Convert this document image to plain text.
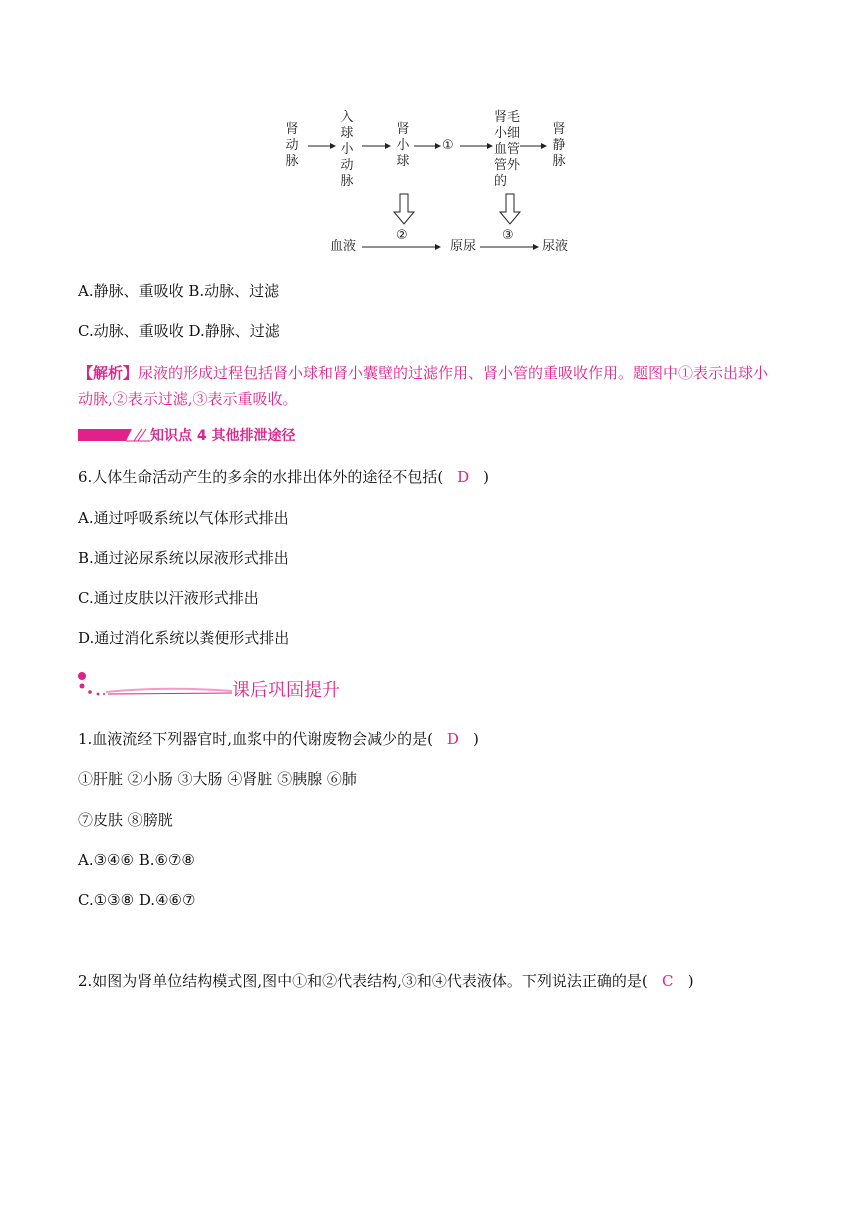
肾动脉
入球小动脉
肾小球
①
肾毛小细血管管外的
肾静脉
血液
②
原尿
③
尿液
A.静脉、重吸收 B.动脉、过滤
C.动脉、重吸收 D.静脉、过滤
【解析】尿液的形成过程包括肾小球和肾小囊壁的过滤作用、肾小管的重吸收作用。题图中①表示出球小动脉,②表示过滤,③表示重吸收。
知识点 4 其他排泄途径
6.人体生命活动产生的多余的水排出体外的途径不包括( D )
A.通过呼吸系统以气体形式排出
B.通过泌尿系统以尿液形式排出
C.通过皮肤以汗液形式排出
D.通过消化系统以粪便形式排出
课后巩固提升
1.血液流经下列器官时,血浆中的代谢废物会减少的是( D )
①肝脏 ②小肠 ③大肠 ④肾脏 ⑤胰腺 ⑥肺
⑦皮肤 ⑧膀胱
A.③④⑥ B.⑥⑦⑧
C.①③⑧ D.④⑥⑦
2.如图为肾单位结构模式图,图中①和②代表结构,③和④代表液体。下列说法正确的是( C )
